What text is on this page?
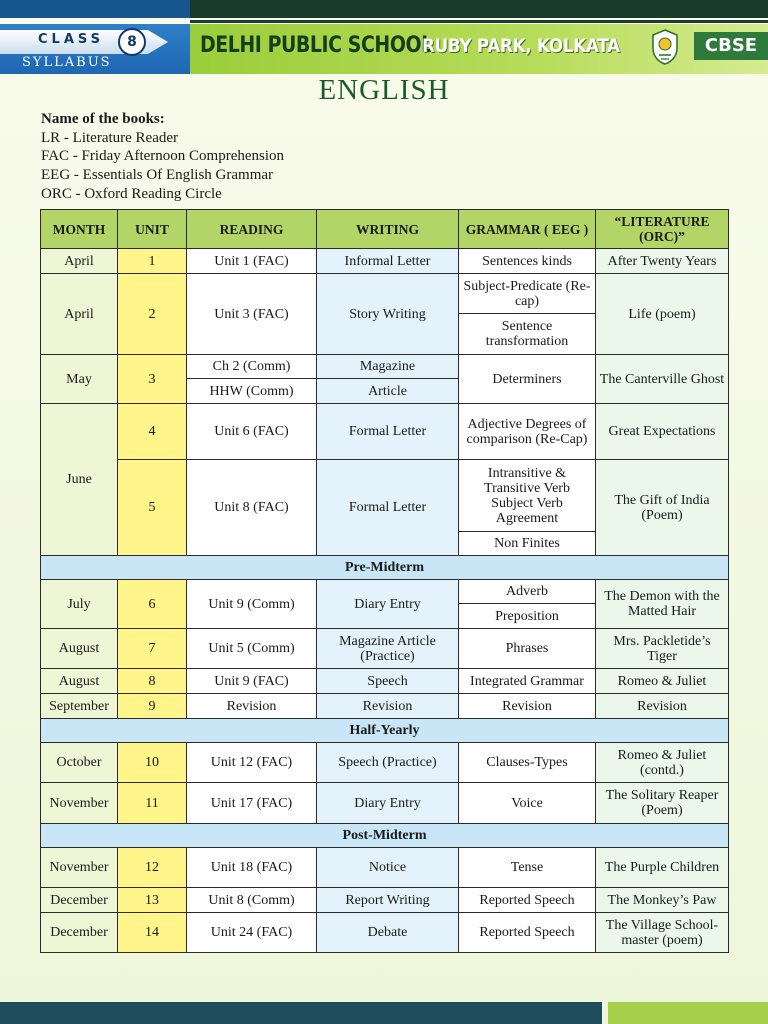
CLASS	8
SYLLABUS
DELHI PUBLIC SCHOOL
RUBY PARK, KOLKATA	CBSE
ENGLISH
Name of the books:
LR - Literature Reader
FAC - Friday Afternoon Comprehension
EEG - Essentials Of English Grammar
ORC - Oxford Reading Circle
MONTH	UNIT	READING	WRITING	GRAMMAR ( EEG )	“LITERATURE (ORC)”
April	1	Unit 1 (FAC)	Informal Letter	Sentences kinds	After Twenty Years
April	2	Unit 3 (FAC)	Story Writing	Subject-Predicate (Re-cap)	Life (poem)
				Sentence transformation	
May	3	Ch 2 (Comm)	Magazine	Determiners	The Canterville Ghost
		HHW (Comm)	Article		
June	4	Unit 6 (FAC)	Formal Letter	Adjective Degrees of comparison (Re-Cap)	Great Expectations
	5	Unit 8 (FAC)	Formal Letter	Intransitive & Transitive Verb Subject Verb Agreement	The Gift of India (Poem)
				Non Finites	
Pre-Midterm					
July	6	Unit 9 (Comm)	Diary Entry	Adverb	The Demon with the Matted Hair
				Preposition	
August	7	Unit 5 (Comm)	Magazine Article (Practice)	Phrases	Mrs. Packletide’s Tiger
August	8	Unit 9 (FAC)	Speech	Integrated Grammar	Romeo & Juliet
September	9	Revision	Revision	Revision	Revision
Half-Yearly					
October	10	Unit 12 (FAC)	Speech (Practice)	Clauses-Types	Romeo & Juliet (contd.)
November	11	Unit 17 (FAC)	Diary Entry	Voice	The Solitary Reaper (Poem)
Post-Midterm					
November	12	Unit 18 (FAC)	Notice	Tense	The Purple Children
December	13	Unit 8 (Comm)	Report Writing	Reported Speech	The Monkey’s Paw
December	14	Unit 24 (FAC)	Debate	Reported Speech	The Village School-master (poem)
